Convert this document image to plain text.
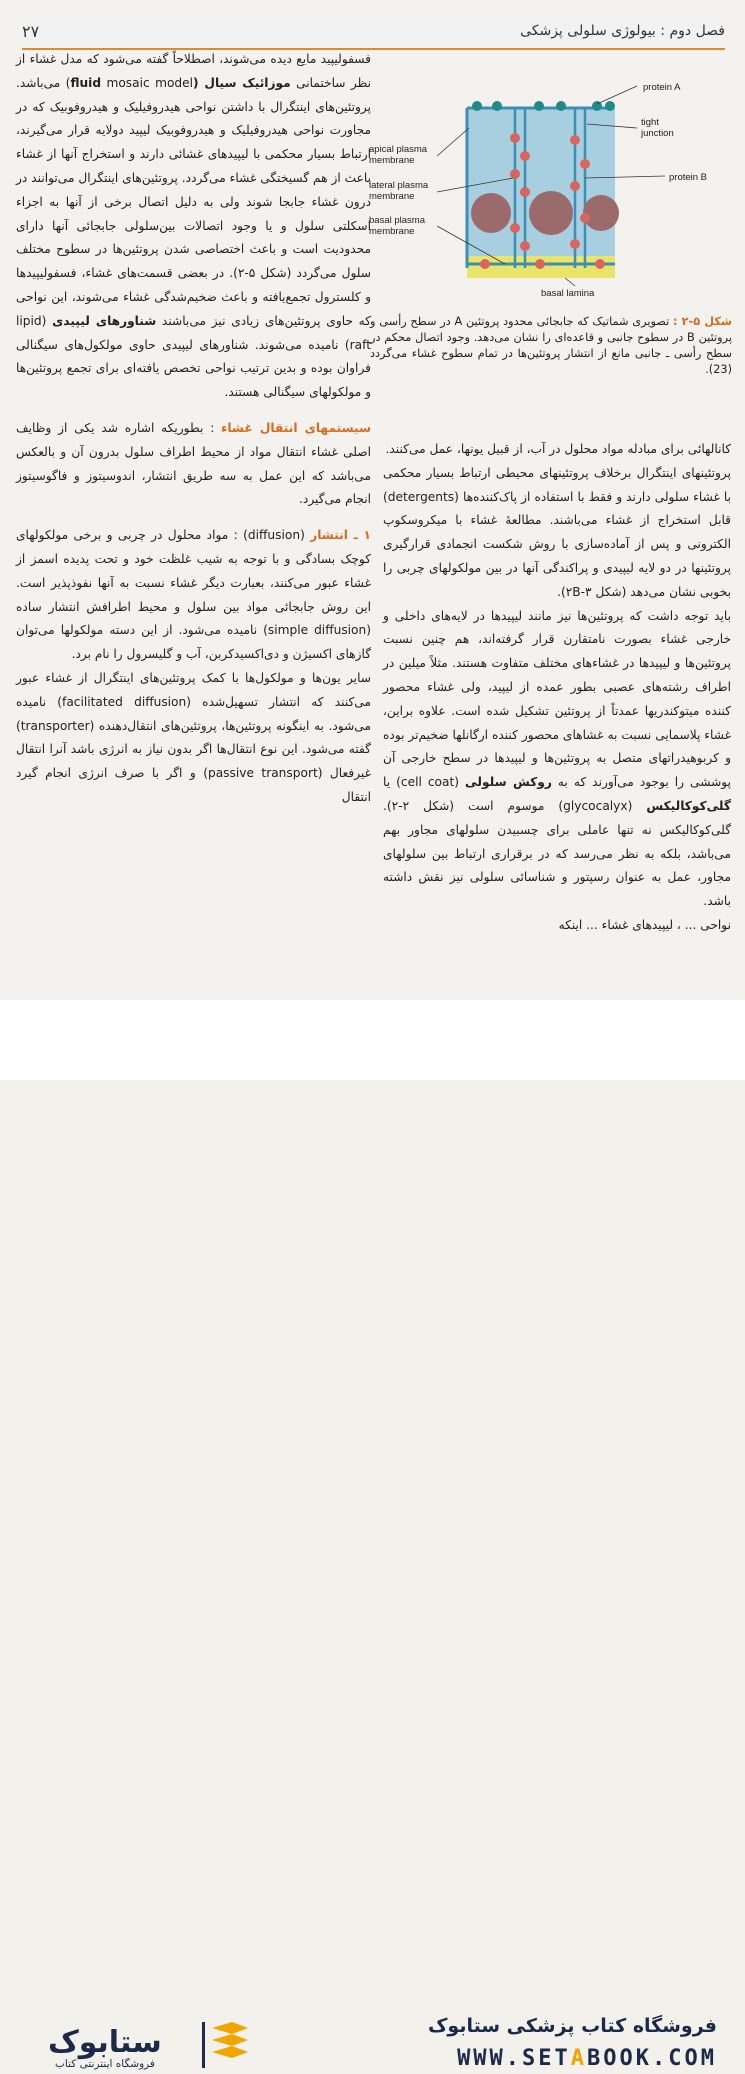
۲۷	فصل دوم : بیولوژی سلولی پزشکی

فسفولیپید مایع دیده می‌شوند، اصطلاحاً گفته می‌شود که مدل غشاء از نظر ساختمانی موزائیک سیال (fluid mosaic model) می‌باشد. پروتئین‌های اینتگرال با داشتن نواحی هیدروفیلیک و هیدروفوبیک که در مجاورت نواحی هیدروفیلیک و هیدروفوبیک لیپید دولایه قرار می‌گیرند، ارتباط بسیار محکمی با لیپیدهای غشائی دارند و استخراج آنها از غشاء باعث از هم گسیختگی غشاء می‌گردد. پروتئین‌های اینتگرال می‌توانند در درون غشاء جابجا شوند ولی به دلیل اتصال برخی از آنها به اجزاء اسکلتی سلول و یا وجود اتصالات بین‌سلولی جابجائی آنها دارای محدودیت است و باعث اختصاصی شدن پروتئین‌ها در سطوح مختلف سلول می‌گردد (شکل ۵-۲). در بعضی قسمت‌های غشاء، فسفولیپیدها و کلسترول تجمع‌یافته و باعث ضخیم‌شدگی غشاء می‌شوند، این نواحی که حاوی پروتئین‌های زیادی نیز می‌باشند شناورهای لیپیدی (lipid raft) نامیده می‌شوند. شناورهای لیپیدی حاوی مولکول‌های سیگنالی فراوان بوده و بدین ترتیب نواحی تخصص یافته‌ای برای تجمع پروتئین‌ها و مولکولهای سیگنالی هستند.

سیستمهای انتقال غشاء : بطوریکه اشاره شد یکی از وظایف اصلی غشاء انتقال مواد از محیط اطراف سلول بدرون آن و بالعکس می‌باشد که این عمل به سه طریق انتشار، اندوسیتوز و فاگوسیتوز انجام می‌گیرد.

۱ ـ انتشار (diffusion) : مواد محلول در چربی و برخی مولکولهای کوچک بسادگی و با توجه به شیب غلظت خود و تحت پدیده اسمز از غشاء عبور می‌کنند، بعبارت دیگر غشاء نسبت به آنها نفوذپذیر است. این روش جابجائی مواد بین سلول و محیط اطرافش انتشار ساده (simple diffusion) نامیده می‌شود. از این دسته مولکولها می‌توان گازهای اکسیژن و دی‌اکسیدکربن، آب و گلیسرول را نام برد.

سایر یون‌ها و مولکول‌ها با کمک پروتئین‌های اینتگرال از غشاء عبور می‌کنند که انتشار تسهیل‌شده (facilitated diffusion) نامیده می‌شود. به اینگونه پروتئین‌ها، پروتئین‌های انتقال‌دهنده (transporter) گفته می‌شود. این نوع انتقال‌ها اگر بدون نیاز به انرژی باشد آنرا انتقال غیرفعال (passive transport) و اگر با صرف انرژی انجام گیرد انتقال

protein A
tight junction
protein B
apical plasma membrane
lateral plasma membrane
basal plasma membrane
basal lamina
شکل ۵-۲ : تصویری شماتیک که جابجائی محدود پروتئین A در سطح رأسی و پروتئین B در سطوح جانبی و قاعده‌ای را نشان می‌دهد. وجود اتصال محکم در سطح رأسی ـ جانبی مانع از انتشار پروتئین‌ها در تمام سطوح غشاء می‌گردد (23).

کانالهائی برای مبادله مواد محلول در آب، از قبیل یونها، عمل می‌کنند.

پروتئینهای اینتگرال برخلاف پروتئینهای محیطی ارتباط بسیار محکمی با غشاء سلولی دارند و فقط با استفاده از پاک‌کننده‌ها (detergents) قابل استخراج از غشاء می‌باشند. مطالعهٔ غشاء با میکروسکوپ الکترونی و پس از آماده‌سازی با روش شکست انجمادی قرارگیری پروتئینها در دو لایه لیپیدی و پراکندگی آنها در بین مولکولهای چربی را بخوبی نشان می‌دهد (شکل ۲B-۳).

باید توجه داشت که پروتئین‌ها نیز مانند لیپیدها در لایه‌های داخلی و خارجی غشاء بصورت نامتقارن قرار گرفته‌اند، هم چنین نسبت پروتئین‌ها و لیپیدها در غشاءهای مختلف متفاوت هستند. مثلاً میلین در اطراف رشته‌های عصبی بطور عمده از لیپید، ولی غشاء محصور کننده میتوکندریها عمدتاً از پروتئین تشکیل شده است. علاوه براین، غشاء پلاسمایی نسبت به غشاهای محصور کننده ارگانلها ضخیم‌تر بوده و کربوهیدراتهای متصل به پروتئین‌ها و لیپیدها در سطح خارجی آن پوششی را بوجود می‌آورند که به روکش سلولی (cell coat) یا گلی‌کوکالیکس (glycocalyx) موسوم است (شکل ۲-۲). گلی‌کوکالیکس نه تنها عاملی برای چسبیدن سلولهای مجاور بهم می‌باشد، بلکه به نظر می‌رسد که در برقراری ارتباط بین سلولهای مجاور، عمل به عنوان رسپتور و شناسائی سلولی نیز نقش داشته باشد.

نواحی ... ، لیپیدهای غشاء ... اینکه

ستابوک
فروشگاه اینترنتی کتاب
فروشگاه کتاب پزشکی ستابوک
WWW.SETABOOK.COM
